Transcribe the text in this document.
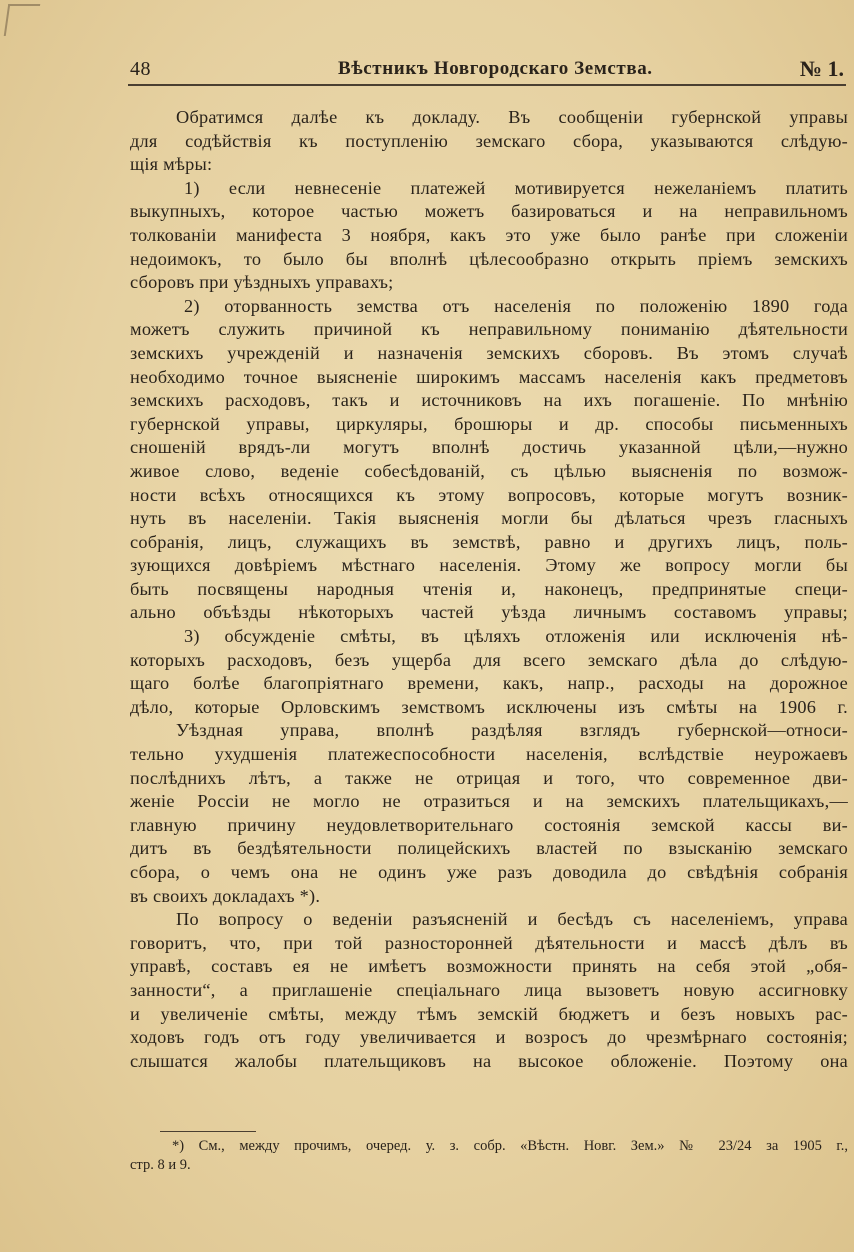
48	Вѣстникъ Новгородскаго Земства.	№ 1.
Обратимся далѣе къ докладу. Въ сообщеніи губернской управы
для содѣйствія къ поступленію земскаго сбора, указываются слѣдую-
щія мѣры:
1) если невнесеніе платежей мотивируется нежеланіемъ платить
выкупныхъ, которое частью можетъ базироваться и на неправильномъ
толкованіи манифеста 3 ноября, какъ это уже было ранѣе при сложеніи
недоимокъ, то было бы вполнѣ цѣлесообразно открыть пріемъ земскихъ
сборовъ при уѣздныхъ управахъ;
2) оторванность земства отъ населенія по положенію 1890 года
можетъ служить причиной къ неправильному пониманію дѣятельности
земскихъ учрежденій и назначенія земскихъ сборовъ. Въ этомъ случаѣ
необходимо точное выясненіе широкимъ массамъ населенія какъ предметовъ
земскихъ расходовъ, такъ и источниковъ на ихъ погашеніе. По мнѣнію
губернской управы, циркуляры, брошюры и др. способы письменныхъ
сношеній врядъ-ли могутъ вполнѣ достичь указанной цѣли,—нужно
живое слово, веденіе собесѣдованій, съ цѣлью выясненія по возмож-
ности всѣхъ относящихся къ этому вопросовъ, которые могутъ возник-
нуть въ населеніи. Такія выясненія могли бы дѣлаться чрезъ гласныхъ
собранія, лицъ, служащихъ въ земствѣ, равно и другихъ лицъ, поль-
зующихся довѣріемъ мѣстнаго населенія. Этому же вопросу могли бы
быть посвящены народныя чтенія и, наконецъ, предпринятые специ-
ально объѣзды нѣкоторыхъ частей уѣзда личнымъ составомъ управы;
3) обсужденіе смѣты, въ цѣляхъ отложенія или исключенія нѣ-
которыхъ расходовъ, безъ ущерба для всего земскаго дѣла до слѣдую-
щаго болѣе благопріятнаго времени, какъ, напр., расходы на дорожное
дѣло, которые Орловскимъ земствомъ исключены изъ смѣты на 1906 г.
Уѣздная управа, вполнѣ раздѣляя взглядъ губернской—относи-
тельно ухудшенія платежеспособности населенія, вслѣдствіе неурожаевъ
послѣднихъ лѣтъ, а также не отрицая и того, что современное дви-
женіе Россіи не могло не отразиться и на земскихъ плательщикахъ,—
главную причину неудовлетворительнаго состоянія земской кассы ви-
дитъ въ бездѣятельности полицейскихъ властей по взысканію земскаго
сбора, о чемъ она не одинъ уже разъ доводила до свѣдѣнія собранія
въ своихъ докладахъ *).
По вопросу о веденіи разъясненій и бесѣдъ съ населеніемъ, управа
говоритъ, что, при той разносторонней дѣятельности и массѣ дѣлъ въ
управѣ, составъ ея не имѣетъ возможности принять на себя этой „обя-
занности“, а приглашеніе спеціальнаго лица вызоветъ новую ассигновку
и увеличеніе смѣты, между тѣмъ земскій бюджетъ и безъ новыхъ рас-
ходовъ годъ отъ году увеличивается и возросъ до чрезмѣрнаго состоянія;
слышатся жалобы плательщиковъ на высокое обложеніе. Поэтому она
*) См., между прочимъ, очеред. у. з. собр. «Вѣстн. Новг. Зем.» № 23/24 за 1905 г.,
стр. 8 и 9.
